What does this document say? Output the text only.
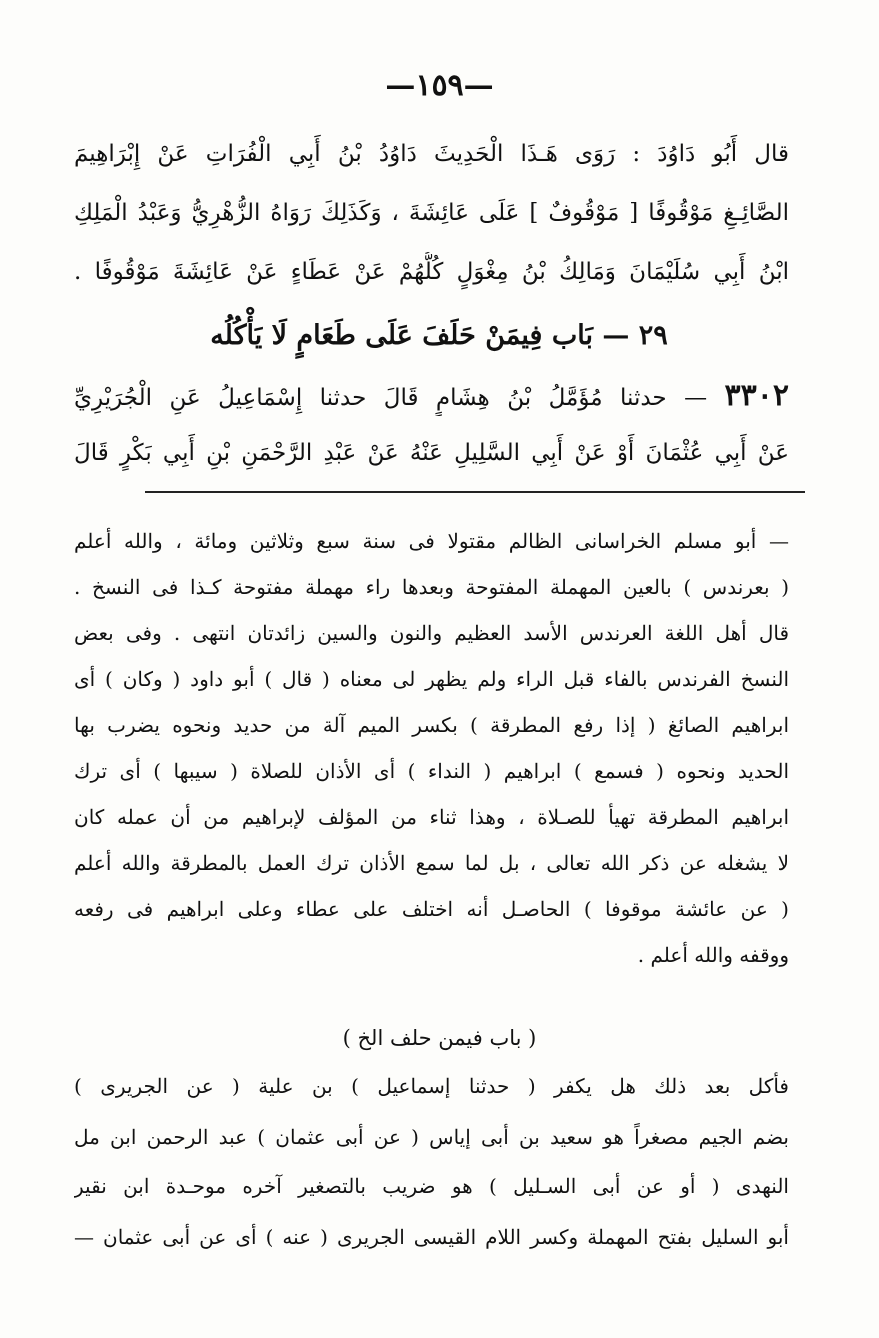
—١٥٩—
قال أَبُو دَاوُدَ : رَوَى هَـذَا الْحَدِيثَ دَاوُدُ بْنُ أَبِي الْفُرَاتِ عَنْ إِبْرَاهِيمَ
الصَّائِـغِ مَوْقُوفًا [ مَوْقُوفٌ ] عَلَى عَائِشَةَ ، وَكَذَلِكَ رَوَاهُ الزُّهْرِيُّ وَعَبْدُ الْمَلِكِ
ابْنُ أَبِي سُلَيْمَانَ وَمَالِكُ بْنُ مِغْوَلٍ كُلُّهُمْ عَنْ عَطَاءٍ عَنْ عَائِشَةَ مَوْقُوفًا .
٢٩ — بَاب فِيمَنْ حَلَفَ عَلَى طَعَامٍ لَا يَأْكُلُه
٣٣٠٢ — حدثنا مُؤَمَّلُ بْنُ هِشَامٍ قَالَ حدثنا إِسْمَاعِيلُ عَنِ الْجُرَيْرِيِّ
عَنْ أَبِي عُثْمَانَ أَوْ عَنْ أَبِي السَّلِيلِ عَنْهُ عَنْ عَبْدِ الرَّحْمَنِ بْنِ أَبِي بَكْرٍ قَالَ
— أبو مسلم الخراسانى الظالم مقتولا فى سنة سبع وثلاثين ومائة ، والله أعلم
( بعرندس ) بالعين المهملة المفتوحة وبعدها راء مهملة مفتوحة كـذا فى النسخ .
قال أهل اللغة العرندس الأسد العظيم والنون والسين زائدتان انتهى . وفى بعض
النسخ الفرندس بالفاء قبل الراء ولم يظهر لى معناه ( قال ) أبو داود ( وكان ) أى
ابراهيم الصائغ ( إذا رفع المطرقة ) بكسر الميم آلة من حديد ونحوه يضرب بها
الحديد ونحوه ( فسمع ) ابراهيم ( النداء ) أى الأذان للصلاة ( سيبها ) أى ترك
ابراهيم المطرقة تهيأ للصـلاة ، وهذا ثناء من المؤلف لإبراهيم من أن عمله كان
لا يشغله عن ذكر الله تعالى ، بل لما سمع الأذان ترك العمل بالمطرقة والله أعلم
( عن عائشة موقوفا ) الحاصـل أنه اختلف على عطاء وعلى ابراهيم فى رفعه
ووقفه والله أعلم .
( باب فيمن حلف الخ )
فأكل بعد ذلك هل يكفر ( حدثنا إسماعيل ) بن علية ( عن الجريرى )
بضم الجيم مصغراً هو سعيد بن أبى إياس ( عن أبى عثمان ) عبد الرحمن ابن مل
النهدى ( أو عن أبى السـليل ) هو ضريب بالتصغير آخره موحـدة ابن نقير
أبو السليل بفتح المهملة وكسر اللام القيسى الجريرى ( عنه ) أى عن أبى عثمان —
